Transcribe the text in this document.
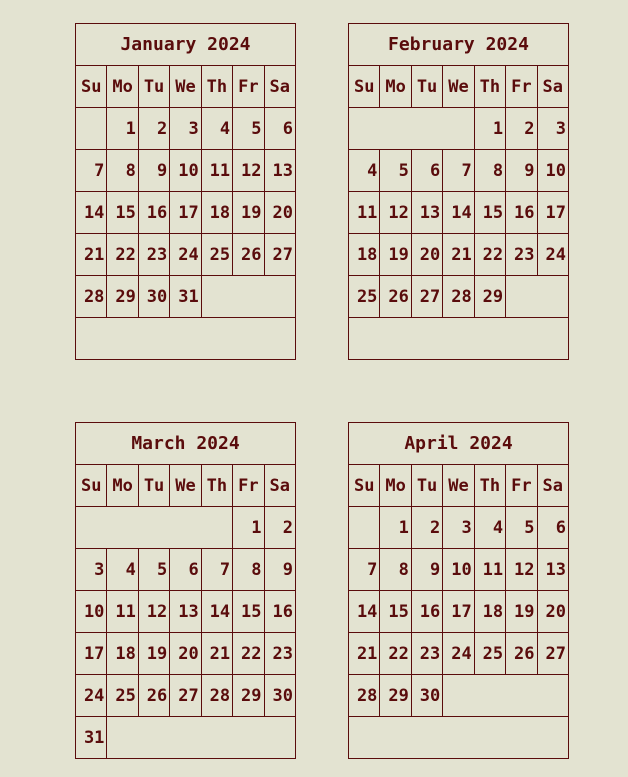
January 2024						
Su	Mo	Tu	We	Th	Fr	Sa
	1	2	3	4	5	6
7	8	9	10	11	12	13
14	15	16	17	18	19	20
21	22	23	24	25	26	27
28	29	30	31			

February 2024						
Su	Mo	Tu	We	Th	Fr	Sa
				1	2	3
4	5	6	7	8	9	10
11	12	13	14	15	16	17
18	19	20	21	22	23	24
25	26	27	28	29		

March 2024						
Su	Mo	Tu	We	Th	Fr	Sa
					1	2
3	4	5	6	7	8	9
10	11	12	13	14	15	16
17	18	19	20	21	22	23
24	25	26	27	28	29	30
31						
April 2024						
Su	Mo	Tu	We	Th	Fr	Sa
	1	2	3	4	5	6
7	8	9	10	11	12	13
14	15	16	17	18	19	20
21	22	23	24	25	26	27
28	29	30				
